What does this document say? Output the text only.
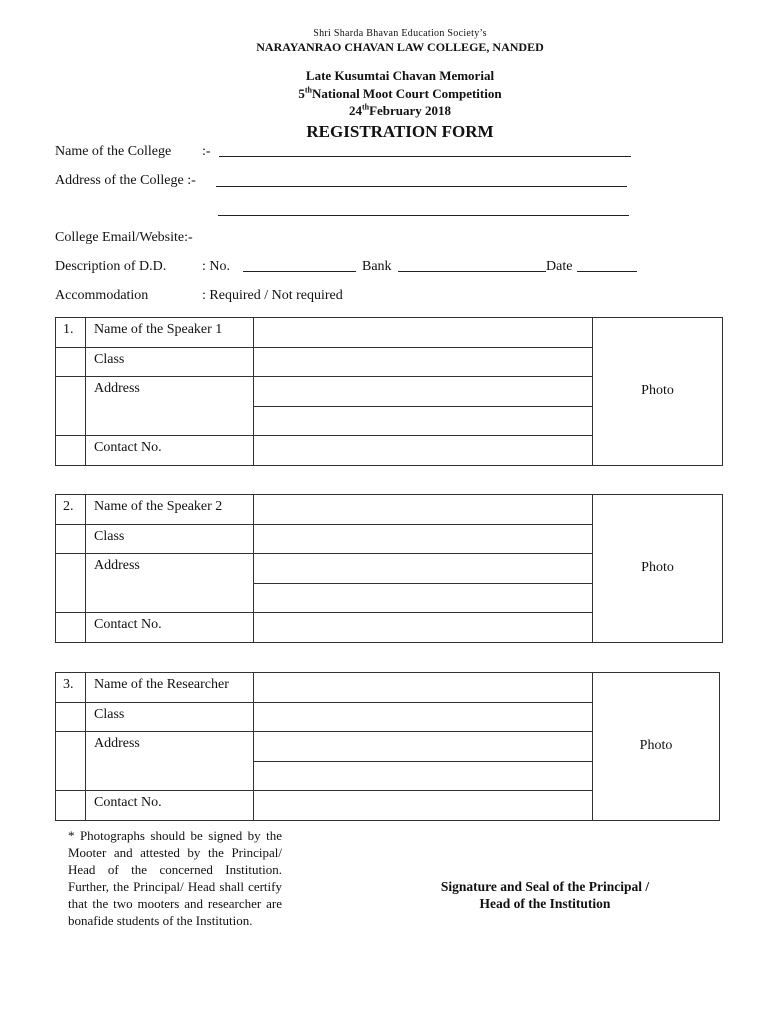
Shri Sharda Bhavan Education Society’s
NARAYANRAO CHAVAN LAW COLLEGE, NANDED
Late Kusumtai Chavan Memorial
5thNational Moot Court Competition
24thFebruary 2018
REGISTRATION FORM
Name of the College :-
Address of the College :-
College Email/Website:-
Description of D.D.	: No.	Bank	Date
Accommodation	: Required / Not required
1.	Name of the Speaker 1		Photo

	Class		

	Address		

	Contact No.		

2.	Name of the Speaker 2		Photo

	Class		

	Address		

	Contact No.		

3.	Name of the Researcher		Photo

	Class		

	Address		

	Contact No.		

* Photographs should be signed by the Mooter and attested by the Principal/ Head of the concerned Institution. Further, the Principal/ Head shall certify that the two mooters and researcher are bonafide students of the Institution.
Signature and Seal of the Principal /
Head of the Institution
